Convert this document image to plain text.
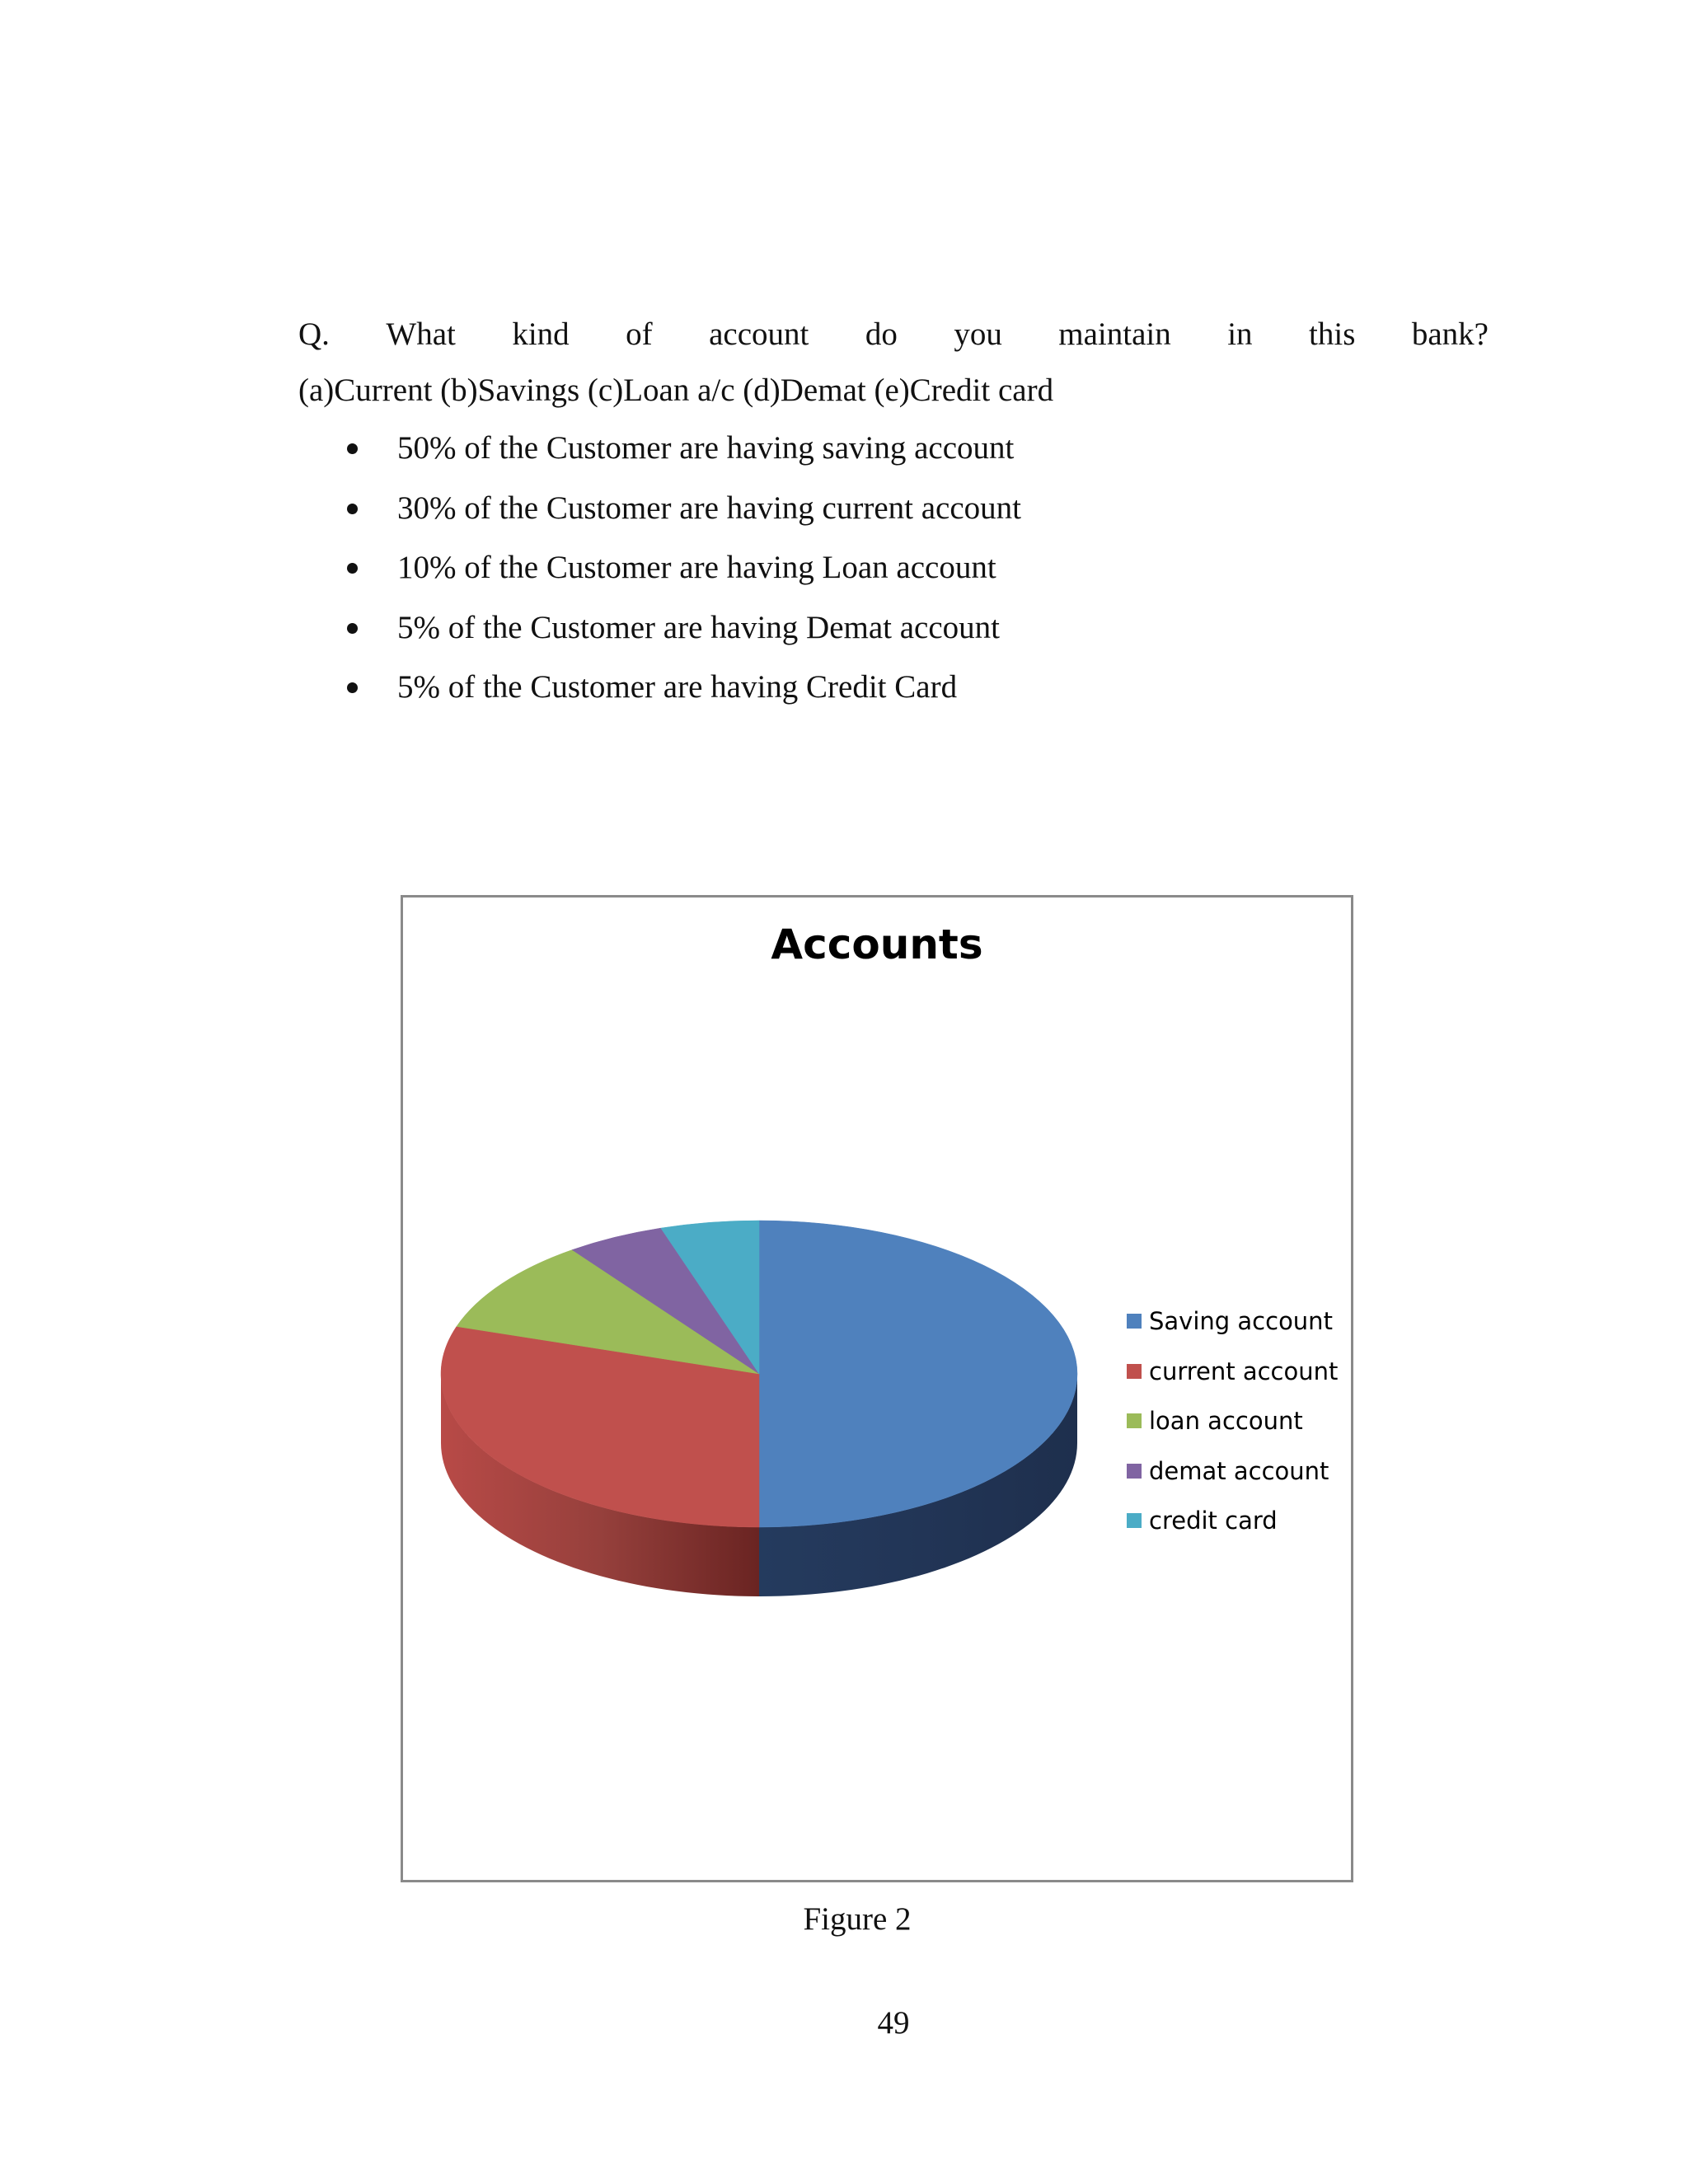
Q. What kind of account do you maintain in this bank?
(a)Current (b)Savings (c)Loan a/c (d)Demat (e)Credit card
50% of the Customer are having saving account
30% of the Customer are having current account
10% of the Customer are having Loan account
5% of the Customer are having Demat account
5% of the Customer are having Credit Card
Accounts
Saving account
current account
loan account
demat account
credit card
Figure 2
49
